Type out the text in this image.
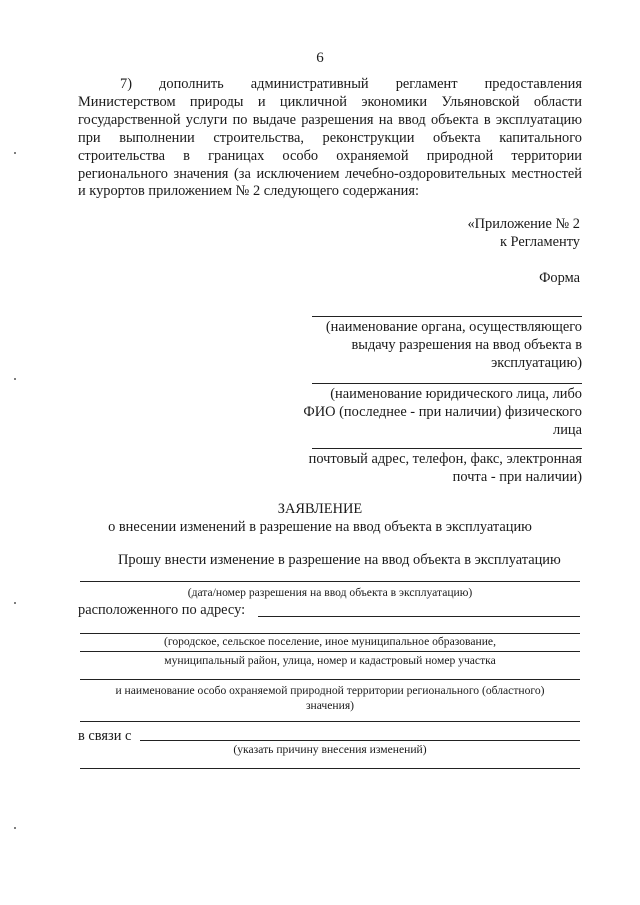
6
7) дополнить административный регламент предоставления Министерством природы и цикличной экономики Ульяновской области государственной услуги по выдаче разрешения на ввод объекта в эксплуатацию при выполнении строительства, реконструкции объекта капитального строительства в границах особо охраняемой природной территории регионального значения (за исключением лечебно-оздоровительных местностей и курортов приложением № 2 следующего содержания:
«Приложение № 2
к Регламенту
Форма
(наименование органа, осуществляющего выдачу разрешения на ввод объекта в эксплуатацию)
(наименование юридического лица, либо ФИО (последнее - при наличии) физического лица
почтовый адрес, телефон, факс, электронная почта - при наличии)
ЗАЯВЛЕНИЕ
о внесении изменений в разрешение на ввод объекта в эксплуатацию
Прошу внести изменение в разрешение на ввод объекта в эксплуатацию
(дата/номер разрешения на ввод объекта в эксплуатацию)
расположенного по адресу:
(городское, сельское поселение, иное муниципальное образование,
муниципальный район, улица, номер и кадастровый номер участка
и наименование особо охраняемой природной территории регионального (областного)
значения)
в связи с
(указать причину внесения изменений)
